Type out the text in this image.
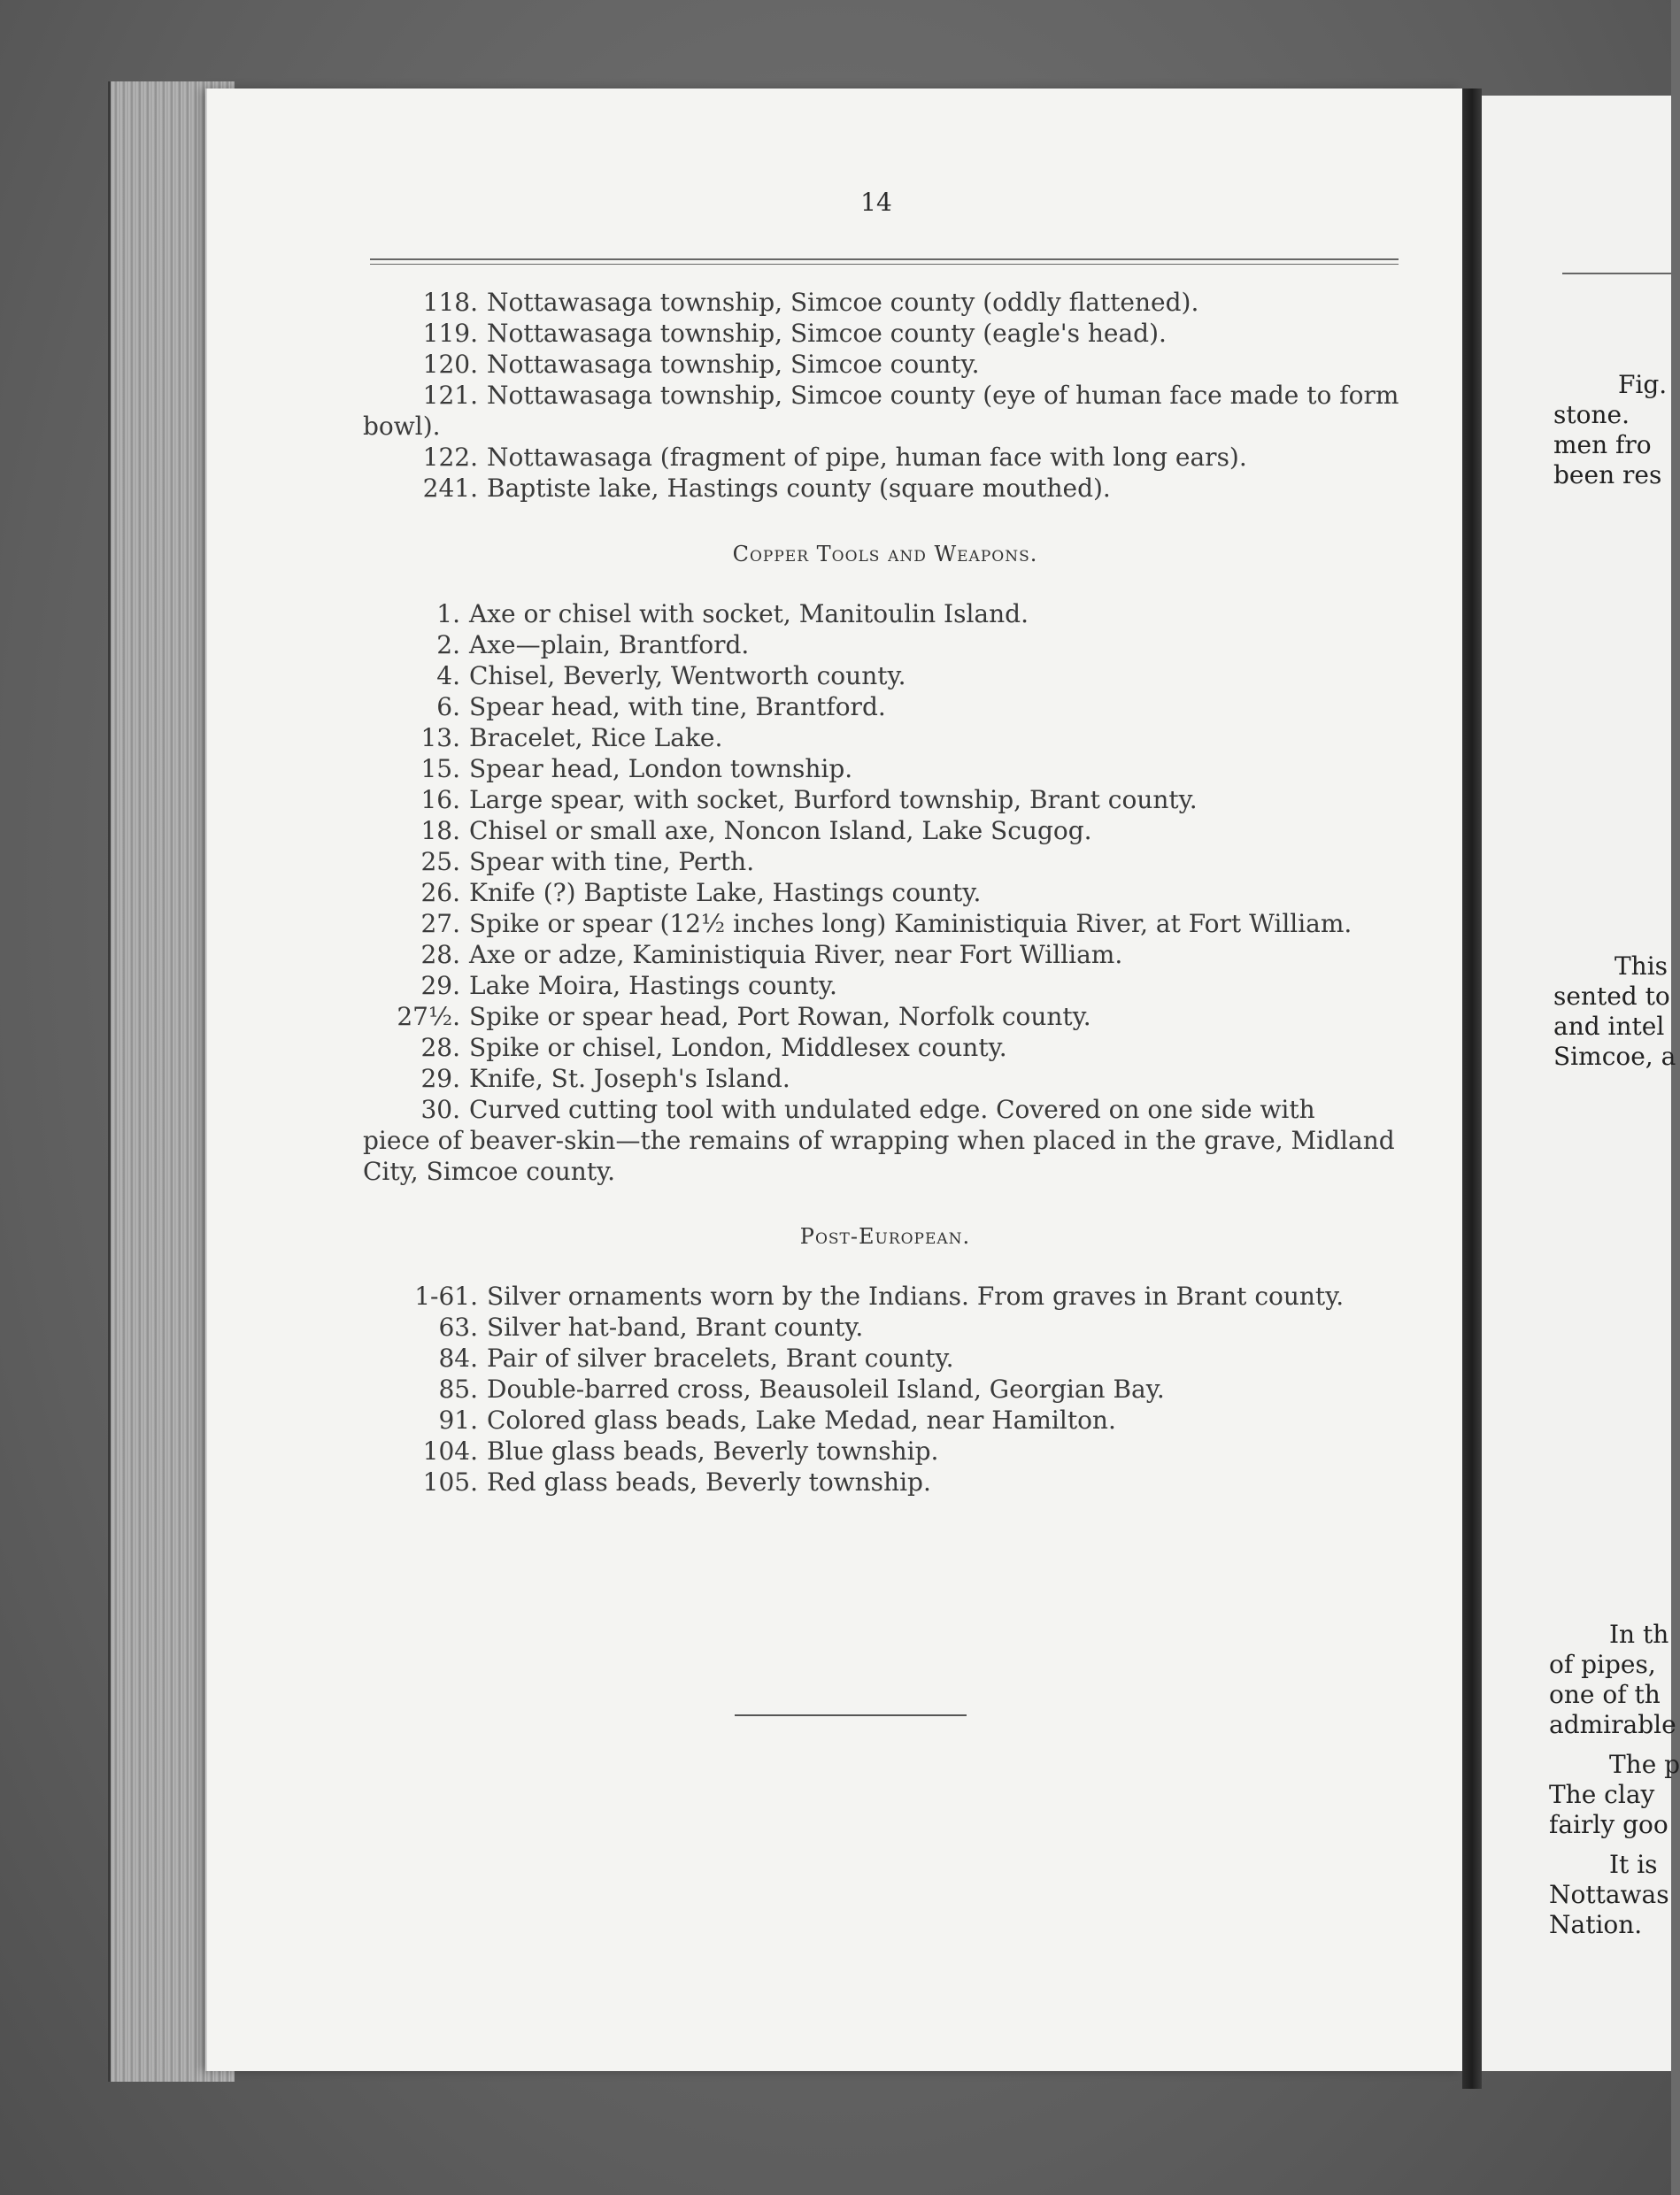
14
118. Nottawasaga township, Simcoe county (oddly flattened).
119. Nottawasaga township, Simcoe county (eagle's head).
120. Nottawasaga township, Simcoe county.
121. Nottawasaga township, Simcoe county (eye of human face made to form
bowl).
122. Nottawasaga (fragment of pipe, human face with long ears).
241. Baptiste lake, Hastings county (square mouthed).
Copper Tools and Weapons.
1. Axe or chisel with socket, Manitoulin Island.
2. Axe—plain, Brantford.
4. Chisel, Beverly, Wentworth county.
6. Spear head, with tine, Brantford.
13. Bracelet, Rice Lake.
15. Spear head, London township.
16. Large spear, with socket, Burford township, Brant county.
18. Chisel or small axe, Noncon Island, Lake Scugog.
25. Spear with tine, Perth.
26. Knife (?) Baptiste Lake, Hastings county.
27. Spike or spear (12½ inches long) Kaministiquia River, at Fort William.
28. Axe or adze, Kaministiquia River, near Fort William.
29. Lake Moira, Hastings county.
27½. Spike or spear head, Port Rowan, Norfolk county.
28. Spike or chisel, London, Middlesex county.
29. Knife, St. Joseph's Island.
30. Curved cutting tool with undulated edge. Covered on one side with
piece of beaver-skin—the remains of wrapping when placed in the grave, Midland
City, Simcoe county.
Post-European.
1-61. Silver ornaments worn by the Indians. From graves in Brant county.
63. Silver hat-band, Brant county.
84. Pair of silver bracelets, Brant county.
85. Double-barred cross, Beausoleil Island, Georgian Bay.
91. Colored glass beads, Lake Medad, near Hamilton.
104. Blue glass beads, Beverly township.
105. Red glass beads, Beverly township.
Fig.
stone.
men fro
been res
This
sented to
and intel
Simcoe, a
In th
of pipes,
one of th
admirable
The p
The clay
fairly goo
It is
Nottawas
Nation.
